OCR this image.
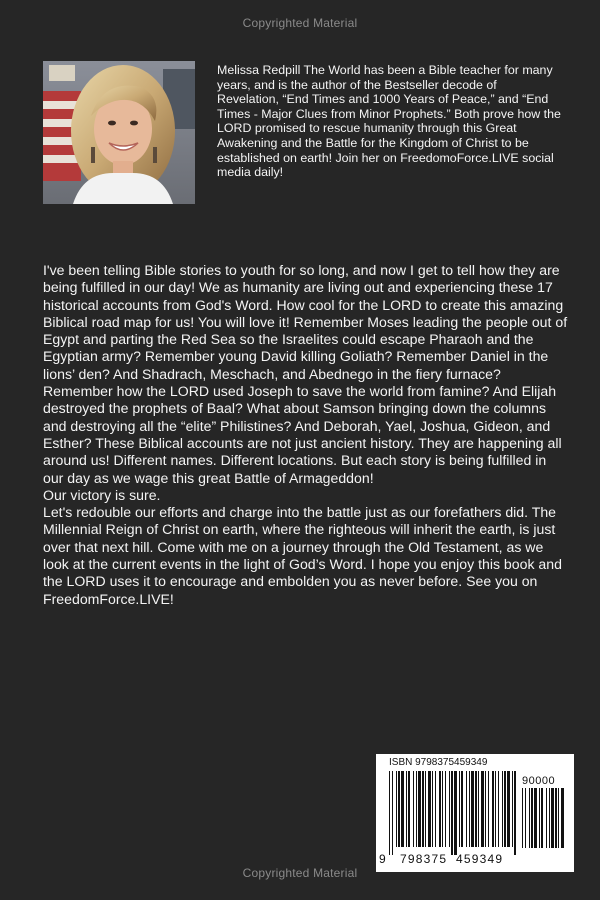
Copyrighted Material
Melissa Redpill The World has been a Bible teacher for many years, and is the author of the Bestseller decode of Revelation, “End Times and 1000 Years of Peace,” and “End Times - Major Clues from Minor Prophets.” Both prove how the LORD promised to rescue humanity through this Great Awakening and the Battle for the Kingdom of Christ to be established on earth! Join her on FreedomoForce.LIVE social media daily!

I've been telling Bible stories to youth for so long, and now I get to tell how they are being fulfilled in our day! We as humanity are living out and experiencing these 17 historical accounts from God's Word. How cool for the LORD to create this amazing Biblical road map for us! You will love it! Remember Moses leading the people out of Egypt and parting the Red Sea so the Israelites could escape Pharaoh and the Egyptian army? Remember young David killing Goliath? Remember Daniel in the lions’ den? And Shadrach, Meschach, and Abednego in the fiery furnace? Remember how the LORD used Joseph to save the world from famine? And Elijah destroyed the prophets of Baal? What about Samson bringing down the columns and destroying all the “elite” Philistines? And Deborah, Yael, Joshua, Gideon, and Esther? These Biblical accounts are not just ancient history. They are happening all around us! Different names. Different locations. But each story is being fulfilled in our day as we wage this great Battle of Armageddon!

Our victory is sure.

Let's redouble our efforts and charge into the battle just as our forefathers did. The Millennial Reign of Christ on earth, where the righteous will inherit the earth, is just over that next hill. Come with me on a journey through the Old Testament, as we look at the current events in the light of God’s Word. I hope you enjoy this book and the LORD uses it to encourage and embolden you as never before. See you on FreedomForce.LIVE!

ISBN 9798375459349
90000
9 798375 459349
Copyrighted Material
